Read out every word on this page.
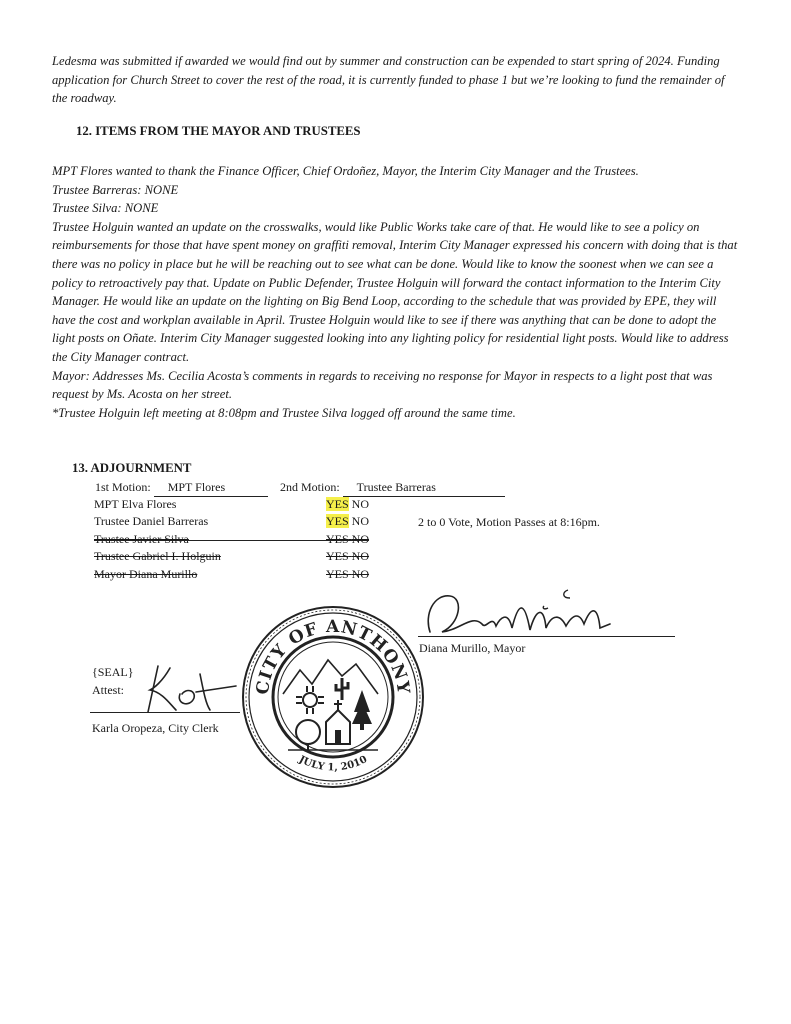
Ledesma was submitted if awarded we would find out by summer and construction can be expended to start spring of 2024. Funding application for Church Street to cover the rest of the road, it is currently funded to phase 1 but we’re looking to fund the remainder of the roadway.
12. ITEMS FROM THE MAYOR AND TRUSTEES
MPT Flores wanted to thank the Finance Officer, Chief Ordoñez, Mayor, the Interim City Manager and the Trustees.
Trustee Barreras: NONE
Trustee Silva: NONE
Trustee Holguin wanted an update on the crosswalks, would like Public Works take care of that. He would like to see a policy on reimbursements for those that have spent money on graffiti removal, Interim City Manager expressed his concern with doing that is that there was no policy in place but he will be reaching out to see what can be done. Would like to know the soonest when we can see a policy to retroactively pay that. Update on Public Defender, Trustee Holguin will forward the contact information to the Interim City Manager. He would like an update on the lighting on Big Bend Loop, according to the schedule that was provided by EPE, they will have the cost and workplan available in April. Trustee Holguin would like to see if there was anything that can be done to adopt the light posts on Oñate. Interim City Manager suggested looking into any lighting policy for residential light posts. Would like to address the City Manager contract.
Mayor: Addresses Ms. Cecilia Acosta’s comments in regards to receiving no response for Mayor in respects to a light post that was request by Ms. Acosta on her street.
*Trustee Holguin left meeting at 8:08pm and Trustee Silva logged off around the same time.
13. ADJOURNMENT
1st Motion: MPT Flores	2nd Motion: Trustee Barreras
MPT Elva Flores	YES NO
Trustee Daniel Barreras	YES NO	2 to 0 Vote, Motion Passes at 8:16pm.
Trustee Javier Silva	YES NO
Trustee Gabriel I. Holguin	YES NO
Mayor Diana Murillo	YES NO
Diana Murillo, Mayor
{SEAL}
Attest:
Karla Oropeza, City Clerk
CITY OF ANTHONY
JULY 1, 2010
